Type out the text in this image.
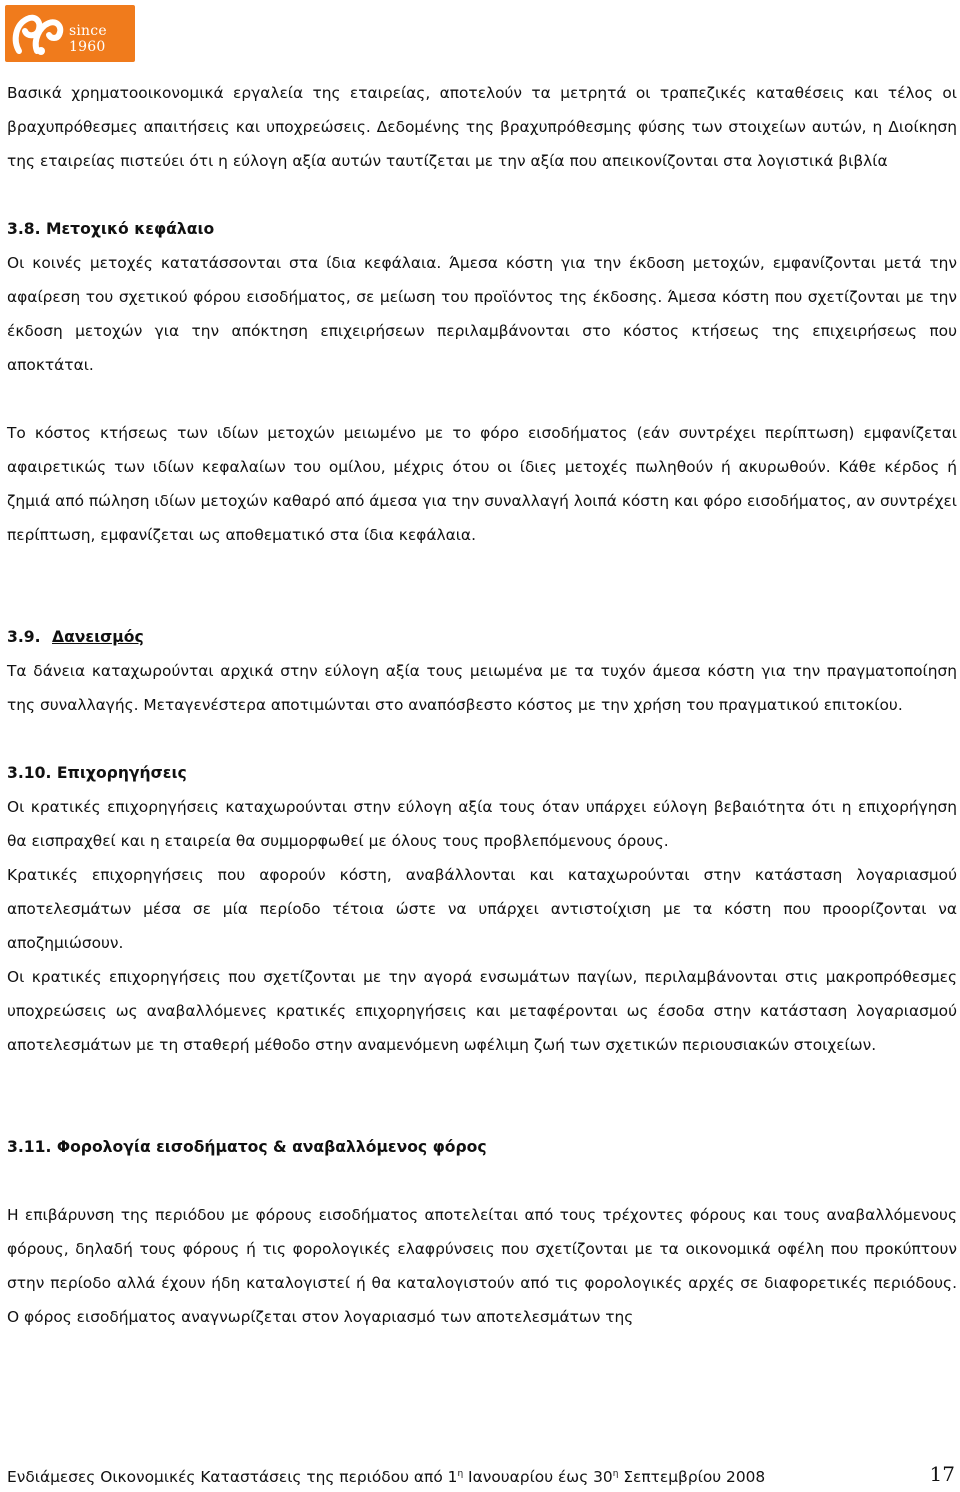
since 1960

Βασικά χρηματοοικονομικά εργαλεία της εταιρείας, αποτελούν τα μετρητά οι τραπεζικές καταθέσεις και τέλος οι βραχυπρόθεσμες απαιτήσεις και υποχρεώσεις. Δεδομένης της βραχυπρόθεσμης φύσης των στοιχείων αυτών, η Διοίκηση της εταιρείας πιστεύει ότι η εύλογη αξία αυτών ταυτίζεται με την αξία που απεικονίζονται στα λογιστικά βιβλία

3.8. Μετοχικό κεφάλαιο

Οι κοινές μετοχές κατατάσσονται στα ίδια κεφάλαια. Άμεσα κόστη για την έκδοση μετοχών, εμφανίζονται μετά την αφαίρεση του σχετικού φόρου εισοδήματος, σε μείωση του προϊόντος της έκδοσης. Άμεσα κόστη που σχετίζονται με την έκδοση μετοχών για την απόκτηση επιχειρήσεων περιλαμβάνονται στο κόστος κτήσεως της επιχειρήσεως που αποκτάται.

Το κόστος κτήσεως των ιδίων μετοχών μειωμένο με το φόρο εισοδήματος (εάν συντρέχει περίπτωση) εμφανίζεται αφαιρετικώς των ιδίων κεφαλαίων του ομίλου, μέχρις ότου οι ίδιες μετοχές πωληθούν ή ακυρωθούν. Κάθε κέρδος ή ζημιά από πώληση ιδίων μετοχών καθαρό από άμεσα για την συναλλαγή λοιπά κόστη και φόρο εισοδήματος, αν συντρέχει περίπτωση, εμφανίζεται ως αποθεματικό στα ίδια κεφάλαια.

3.9. Δανεισμός

Τα δάνεια καταχωρούνται αρχικά στην εύλογη αξία τους μειωμένα με τα τυχόν άμεσα κόστη για την πραγματοποίηση της συναλλαγής. Μεταγενέστερα αποτιμώνται στο αναπόσβεστο κόστος με την χρήση του πραγματικού επιτοκίου.

3.10. Επιχορηγήσεις

Οι κρατικές επιχορηγήσεις καταχωρούνται στην εύλογη αξία τους όταν υπάρχει εύλογη βεβαιότητα ότι η επιχορήγηση θα εισπραχθεί και η εταιρεία θα συμμορφωθεί με όλους τους προβλεπόμενους όρους.

Κρατικές επιχορηγήσεις που αφορούν κόστη, αναβάλλονται και καταχωρούνται στην κατάσταση λογαριασμού αποτελεσμάτων μέσα σε μία περίοδο τέτοια ώστε να υπάρχει αντιστοίχιση με τα κόστη που προορίζονται να αποζημιώσουν.

Οι κρατικές επιχορηγήσεις που σχετίζονται με την αγορά ενσωμάτων παγίων, περιλαμβάνονται στις μακροπρόθεσμες υποχρεώσεις ως αναβαλλόμενες κρατικές επιχορηγήσεις και μεταφέρονται ως έσοδα στην κατάσταση λογαριασμού αποτελεσμάτων με τη σταθερή μέθοδο στην αναμενόμενη ωφέλιμη ζωή των σχετικών περιουσιακών στοιχείων.

3.11. Φορολογία εισοδήματος & αναβαλλόμενος φόρος

Η επιβάρυνση της περιόδου με φόρους εισοδήματος αποτελείται από τους τρέχοντες φόρους και τους αναβαλλόμενους φόρους, δηλαδή τους φόρους ή τις φορολογικές ελαφρύνσεις που σχετίζονται με τα οικονομικά οφέλη που προκύπτουν στην περίοδο αλλά έχουν ήδη καταλογιστεί ή θα καταλογιστούν από τις φορολογικές αρχές σε διαφορετικές περιόδους. Ο φόρος εισοδήματος αναγνωρίζεται στον λογαριασμό των αποτελεσμάτων της

Ενδιάμεσες Οικονομικές Καταστάσεις της περιόδου από $1^\eta$ Ιανουαρίου έως $30^\eta$ Σεπτεμβρίου 2008	17
